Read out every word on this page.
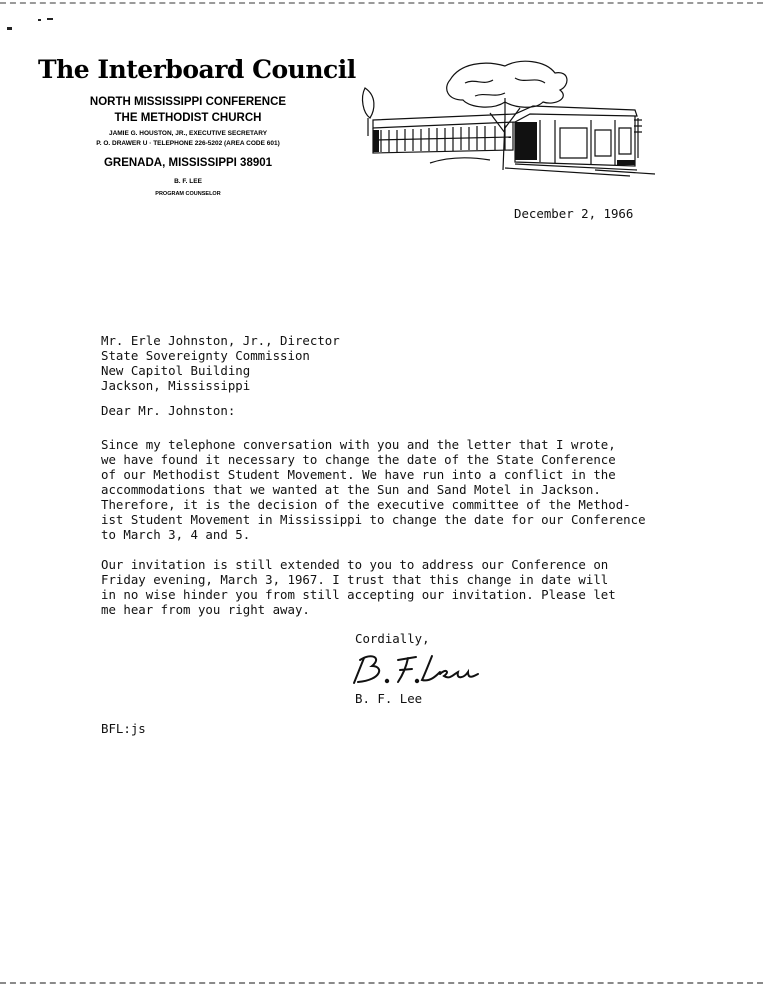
The Interboard Council
NORTH MISSISSIPPI CONFERENCE
THE METHODIST CHURCH
JAMIE G. HOUSTON, JR., EXECUTIVE SECRETARY
P. O. DRAWER U · TELEPHONE 226-5202 (AREA CODE 601)
GRENADA, MISSISSIPPI 38901
B. F. LEE
PROGRAM COUNSELOR
December 2, 1966
Mr. Erle Johnston, Jr., Director
State Sovereignty Commission
New Capitol Building
Jackson, Mississippi
Dear Mr. Johnston:
Since my telephone conversation with you and the letter that I wrote,
we have found it necessary to change the date of the State Conference
of our Methodist Student Movement. We have run into a conflict in the
accommodations that we wanted at the Sun and Sand Motel in Jackson.
Therefore, it is the decision of the executive committee of the Method-
ist Student Movement in Mississippi to change the date for our Conference
to March 3, 4 and 5.
Our invitation is still extended to you to address our Conference on
Friday evening, March 3, 1967. I trust that this change in date will
in no wise hinder you from still accepting our invitation. Please let
me hear from you right away.
Cordially,
B. F. Lee
BFL:js
